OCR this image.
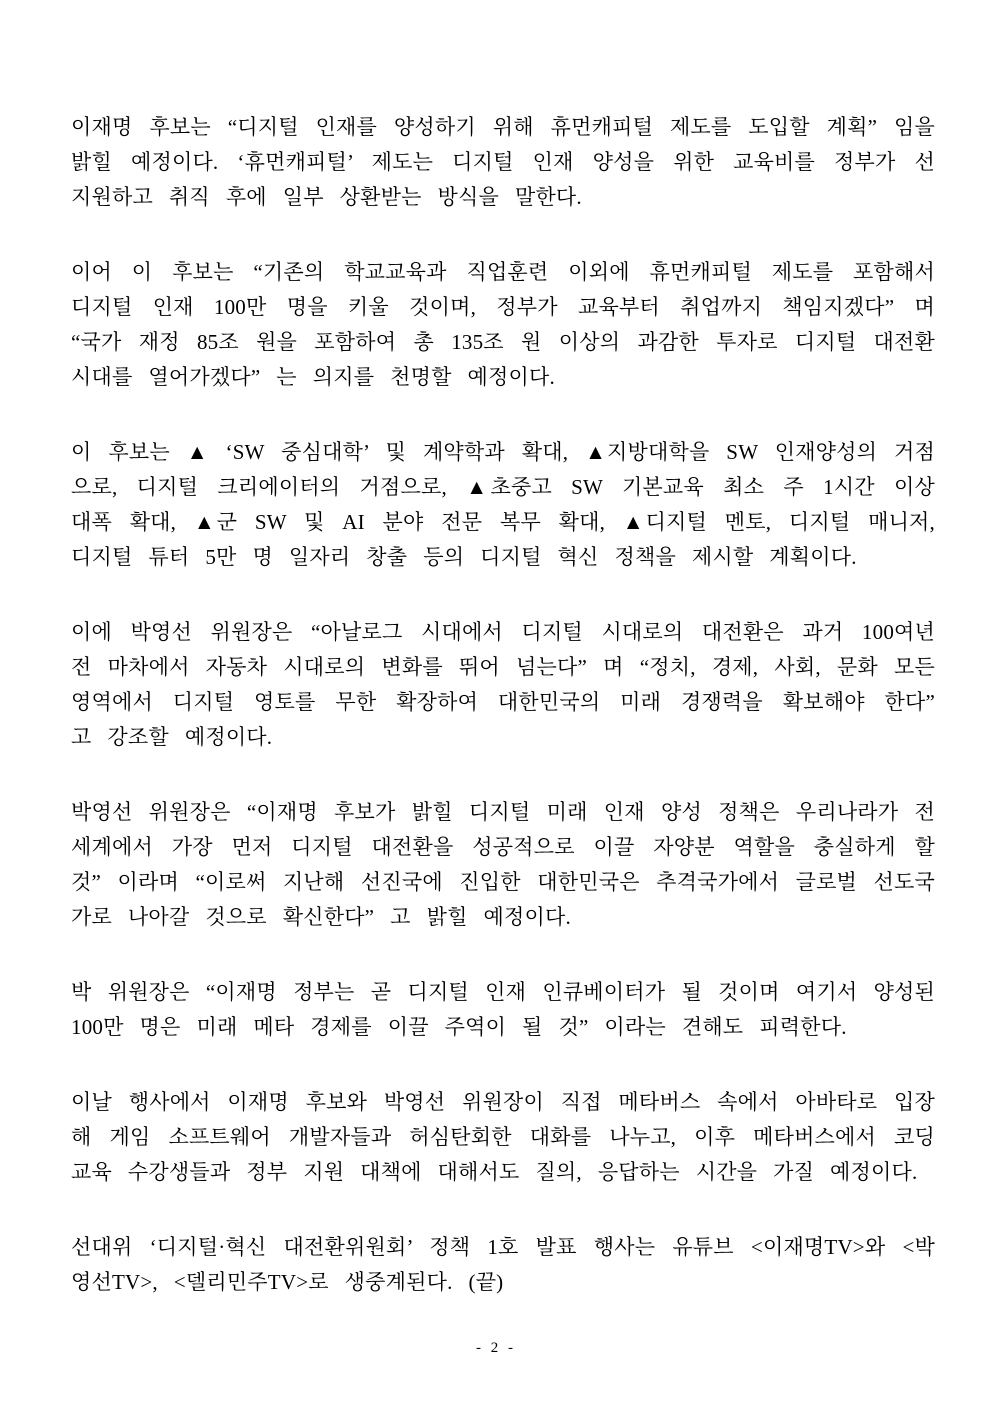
이재명 후보는 “디지털 인재를 양성하기 위해 휴먼캐피털 제도를 도입할 계획” 임을 밝힐 예정이다. ‘휴먼캐피털’ 제도는 디지털 인재 양성을 위한 교육비를 정부가 선 지원하고 취직 후에 일부 상환받는 방식을 말한다.

이어 이 후보는 “기존의 학교교육과 직업훈련 이외에 휴먼캐피털 제도를 포함해서 디지털 인재 100만 명을 키울 것이며, 정부가 교육부터 취업까지 책임지겠다” 며 “국가 재정 85조 원을 포함하여 총 135조 원 이상의 과감한 투자로 디지털 대전환 시대를 열어가겠다” 는 의지를 천명할 예정이다.

이 후보는 ▲ ‘SW 중심대학’ 및 계약학과 확대, ▲지방대학을 SW 인재양성의 거점으로, 디지털 크리에이터의 거점으로, ▲초중고 SW 기본교육 최소 주 1시간 이상 대폭 확대, ▲군 SW 및 AI 분야 전문 복무 확대, ▲디지털 멘토, 디지털 매니저, 디지털 튜터 5만 명 일자리 창출 등의 디지털 혁신 정책을 제시할 계획이다.

이에 박영선 위원장은 “아날로그 시대에서 디지털 시대로의 대전환은 과거 100여년 전 마차에서 자동차 시대로의 변화를 뛰어 넘는다” 며 “정치, 경제, 사회, 문화 모든 영역에서 디지털 영토를 무한 확장하여 대한민국의 미래 경쟁력을 확보해야 한다” 고 강조할 예정이다.

박영선 위원장은 “이재명 후보가 밝힐 디지털 미래 인재 양성 정책은 우리나라가 전 세계에서 가장 먼저 디지털 대전환을 성공적으로 이끌 자양분 역할을 충실하게 할 것” 이라며 “이로써 지난해 선진국에 진입한 대한민국은 추격국가에서 글로벌 선도국가로 나아갈 것으로 확신한다” 고 밝힐 예정이다.

박 위원장은 “이재명 정부는 곧 디지털 인재 인큐베이터가 될 것이며 여기서 양성된 100만 명은 미래 메타 경제를 이끌 주역이 될 것” 이라는 견해도 피력한다.

이날 행사에서 이재명 후보와 박영선 위원장이 직접 메타버스 속에서 아바타로 입장해 게임 소프트웨어 개발자들과 허심탄회한 대화를 나누고, 이후 메타버스에서 코딩 교육 수강생들과 정부 지원 대책에 대해서도 질의, 응답하는 시간을 가질 예정이다.

선대위 ‘디지털·혁신 대전환위원회’ 정책 1호 발표 행사는 유튜브 <이재명TV>와 <박영선TV>, <델리민주TV>로 생중계된다. (끝)

- 2 -
